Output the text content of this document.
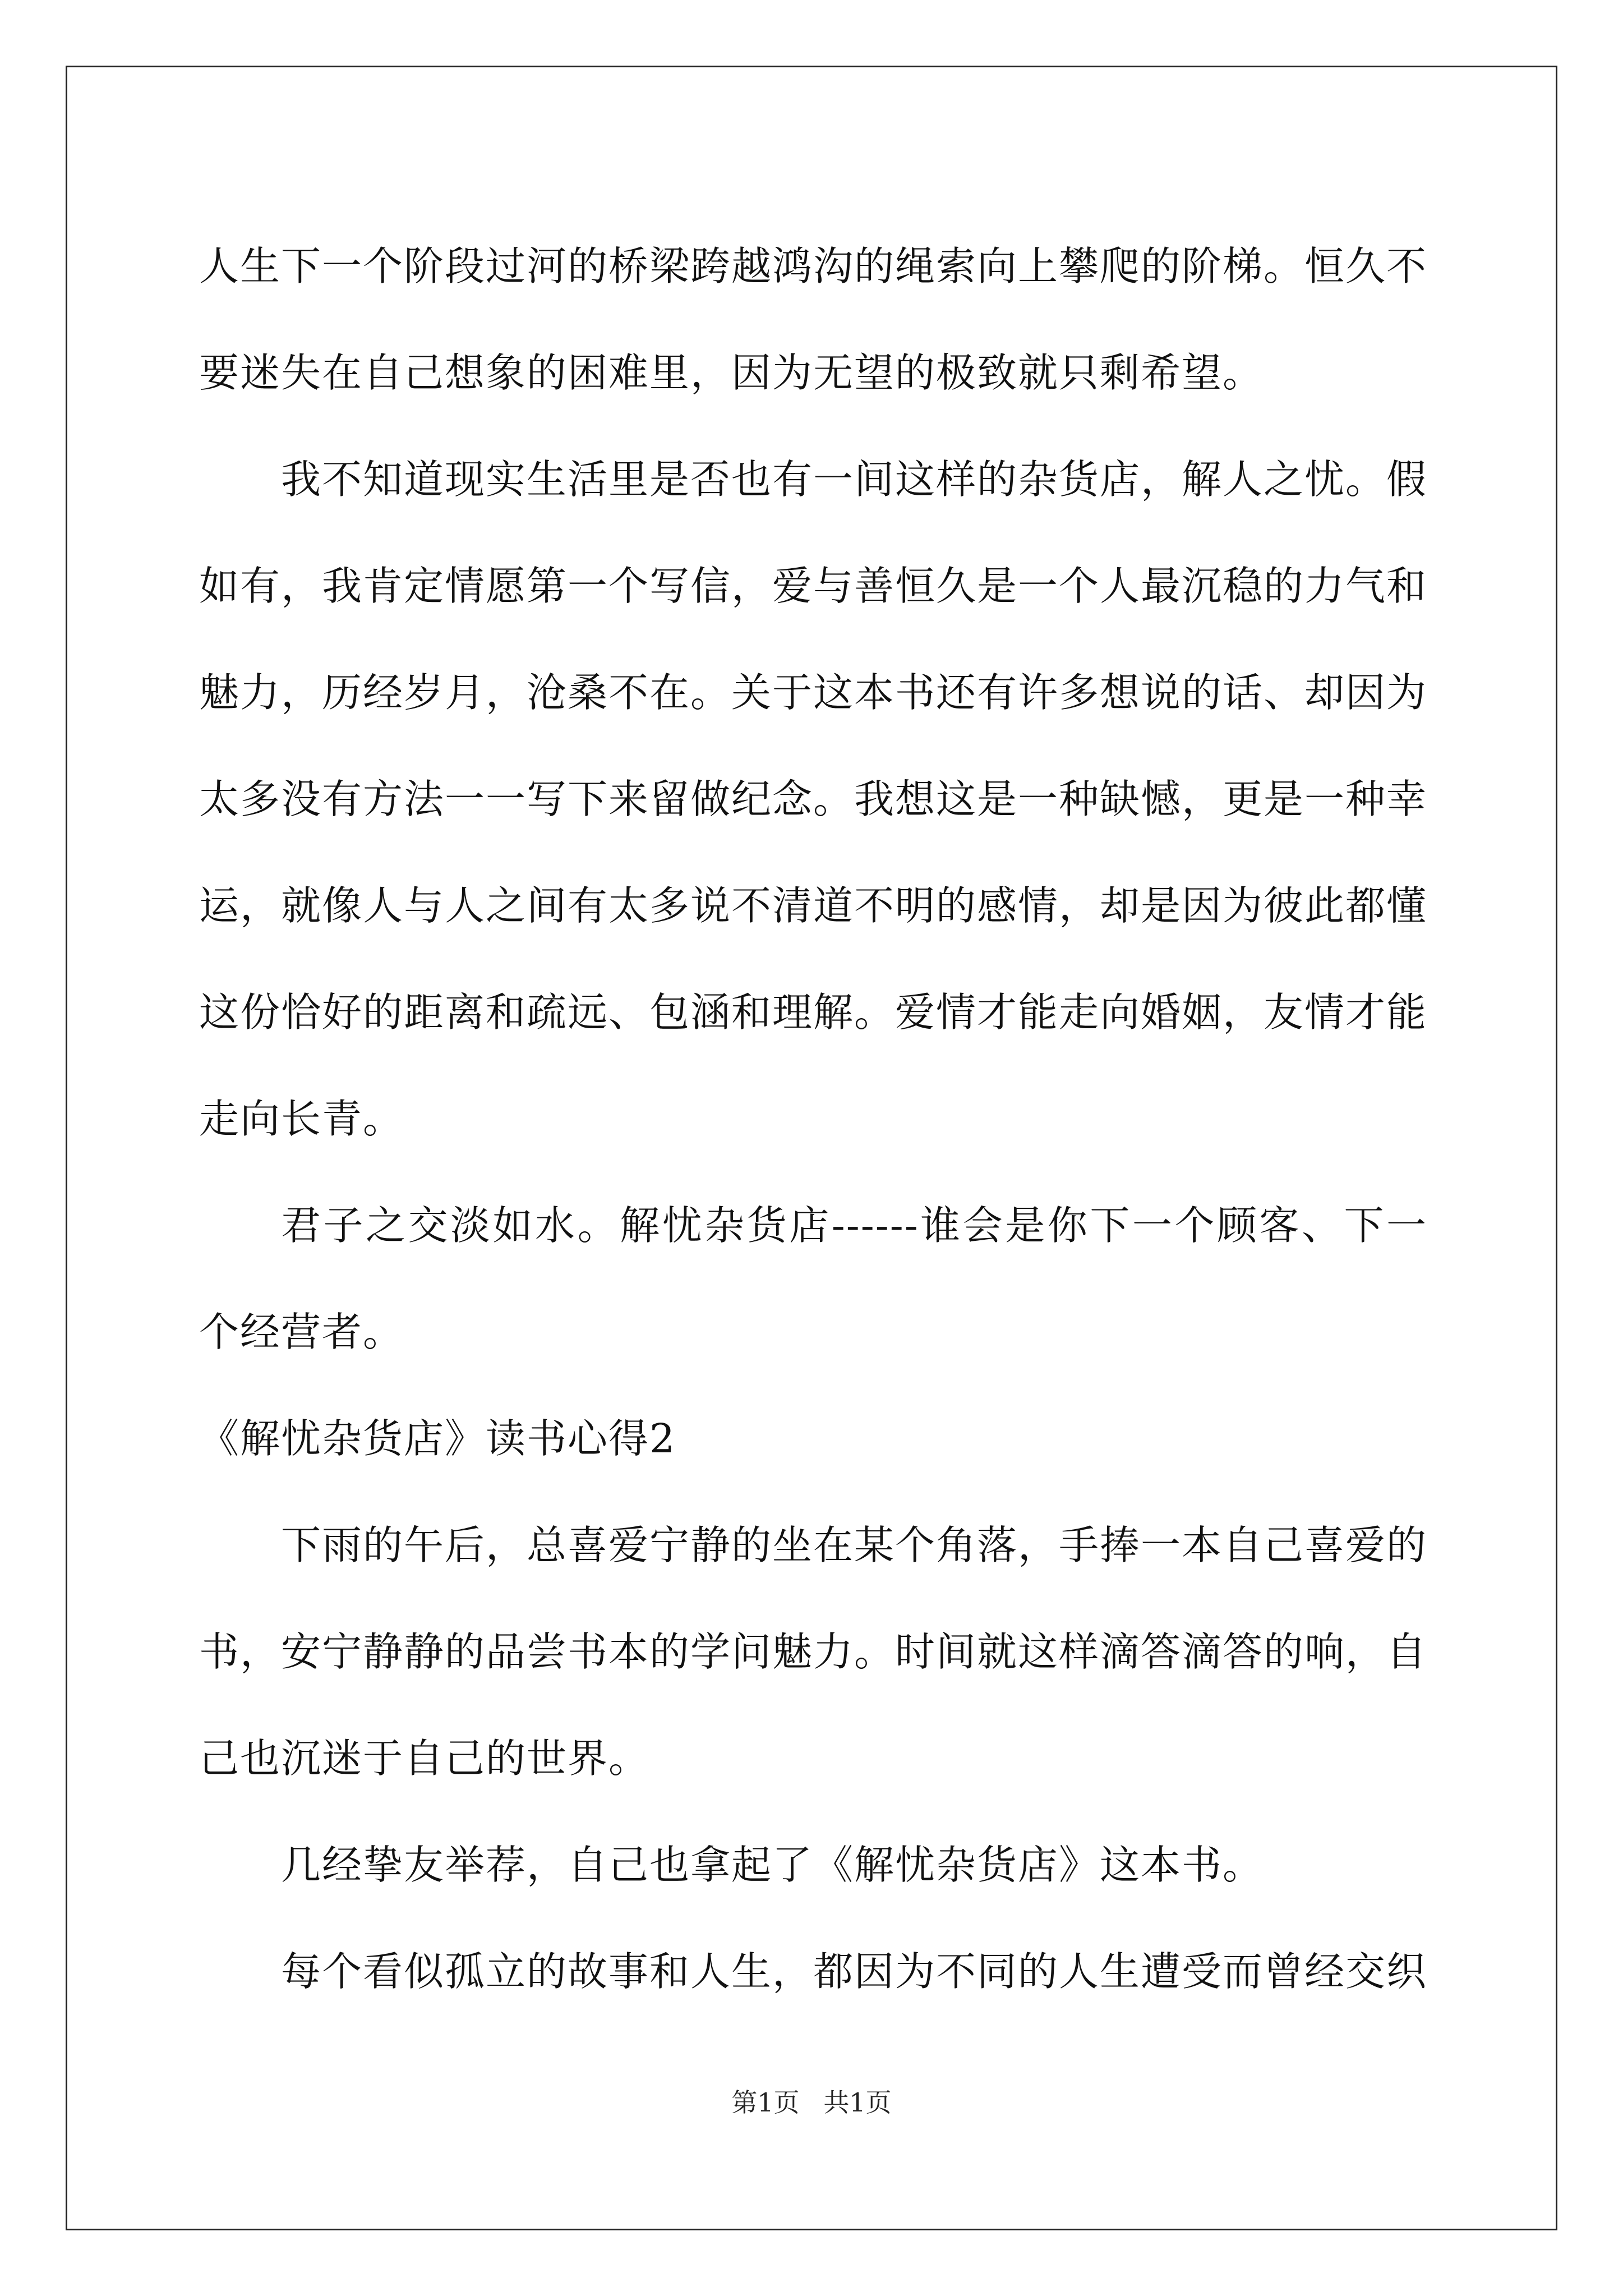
人生下一个阶段过河的桥梁跨越鸿沟的绳索向上攀爬的阶梯。恒久不要迷失在自己想象的困难里，因为无望的极致就只剩希望。

我不知道现实生活里是否也有一间这样的杂货店，解人之忧。假如有，我肯定情愿第一个写信，爱与善恒久是一个人最沉稳的力气和魅力，历经岁月，沧桑不在。关于这本书还有许多想说的话、却因为太多没有方法一一写下来留做纪念。我想这是一种缺憾，更是一种幸运，就像人与人之间有太多说不清道不明的感情，却是因为彼此都懂这份恰好的距离和疏远、包涵和理解。爱情才能走向婚姻，友情才能走向长青。

君子之交淡如水。解忧杂货店------谁会是你下一个顾客、下一个经营者。

《解忧杂货店》读书心得2

下雨的午后，总喜爱宁静的坐在某个角落，手捧一本自己喜爱的书，安宁静静的品尝书本的学问魅力。时间就这样滴答滴答的响，自己也沉迷于自己的世界。

几经挚友举荐，自己也拿起了《解忧杂货店》这本书。

每个看似孤立的故事和人生，都因为不同的人生遭受而曾经交织

第1页 共1页
